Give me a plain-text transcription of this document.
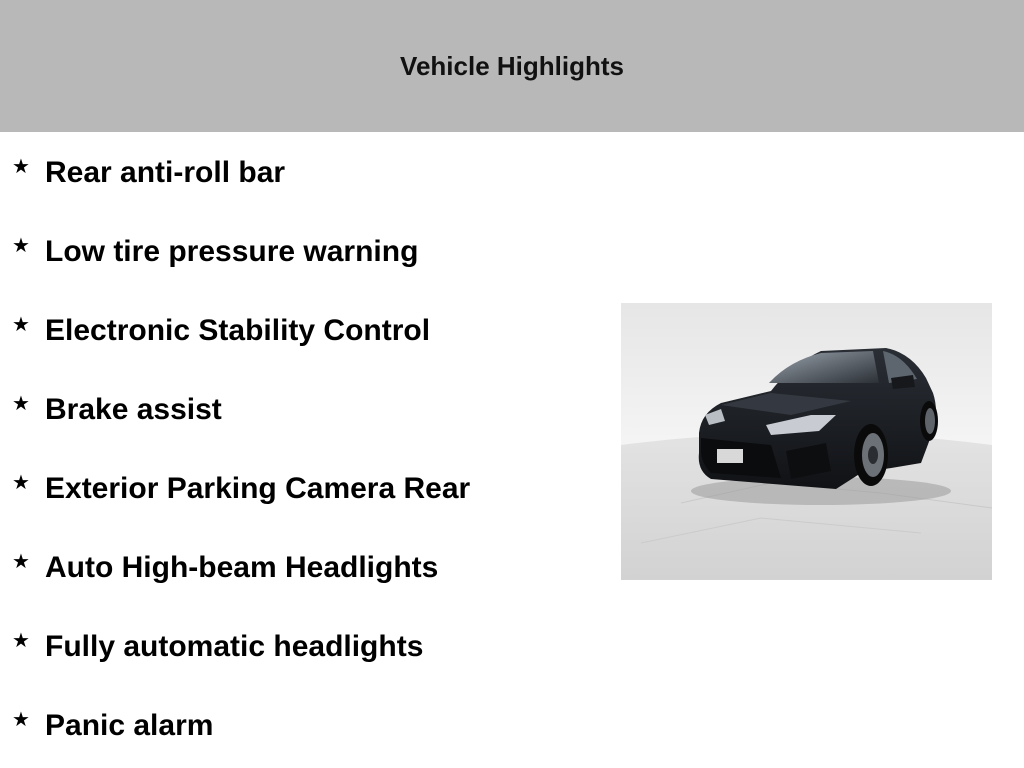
Vehicle Highlights
★ Rear anti-roll bar
★ Low tire pressure warning
★ Electronic Stability Control
★ Brake assist
★ Exterior Parking Camera Rear
★ Auto High-beam Headlights
★ Fully automatic headlights
★ Panic alarm
